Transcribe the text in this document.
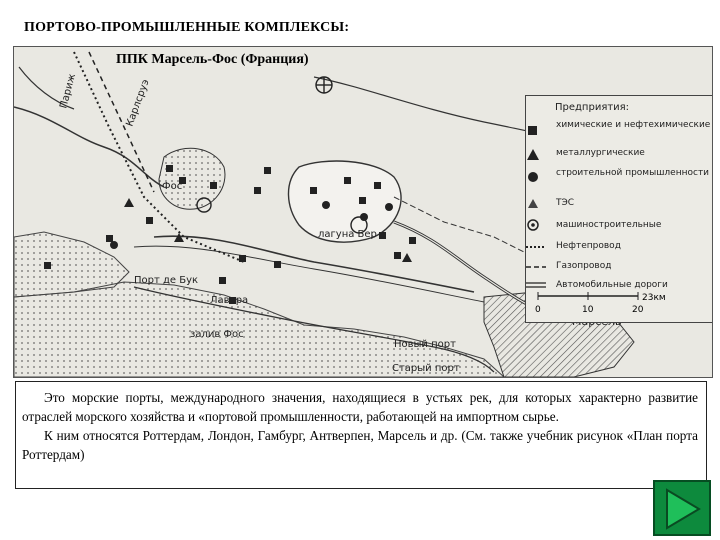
ПОРТОВО-ПРОМЫШЛЕННЫЕ КОМПЛЕКСЫ:
Париж	Карлсруэ
Фос
лагуна Бер
Порт де Бук
Лавера
залив Фос
Новый порт
Старый порт
Предприятия:
химические и нефтехимические
металлургические
строительной промышленности
ТЭС
машиностроительные
Нефтепровод
Газопровод
Автомобильные дороги
0	10	20
23км
ППК Марсель-Фос (Франция)

Это морские порты, международного значения, находящиеся в устьях рек, для которых характерно развитие отраслей морского хозяйства и «портовой промышленности, работающей на импортном сырье.

К ним относятся Роттердам, Лондон, Гамбург, Антверпен, Марсель и др. (См. также учебник рисунок «План порта Роттердам)
